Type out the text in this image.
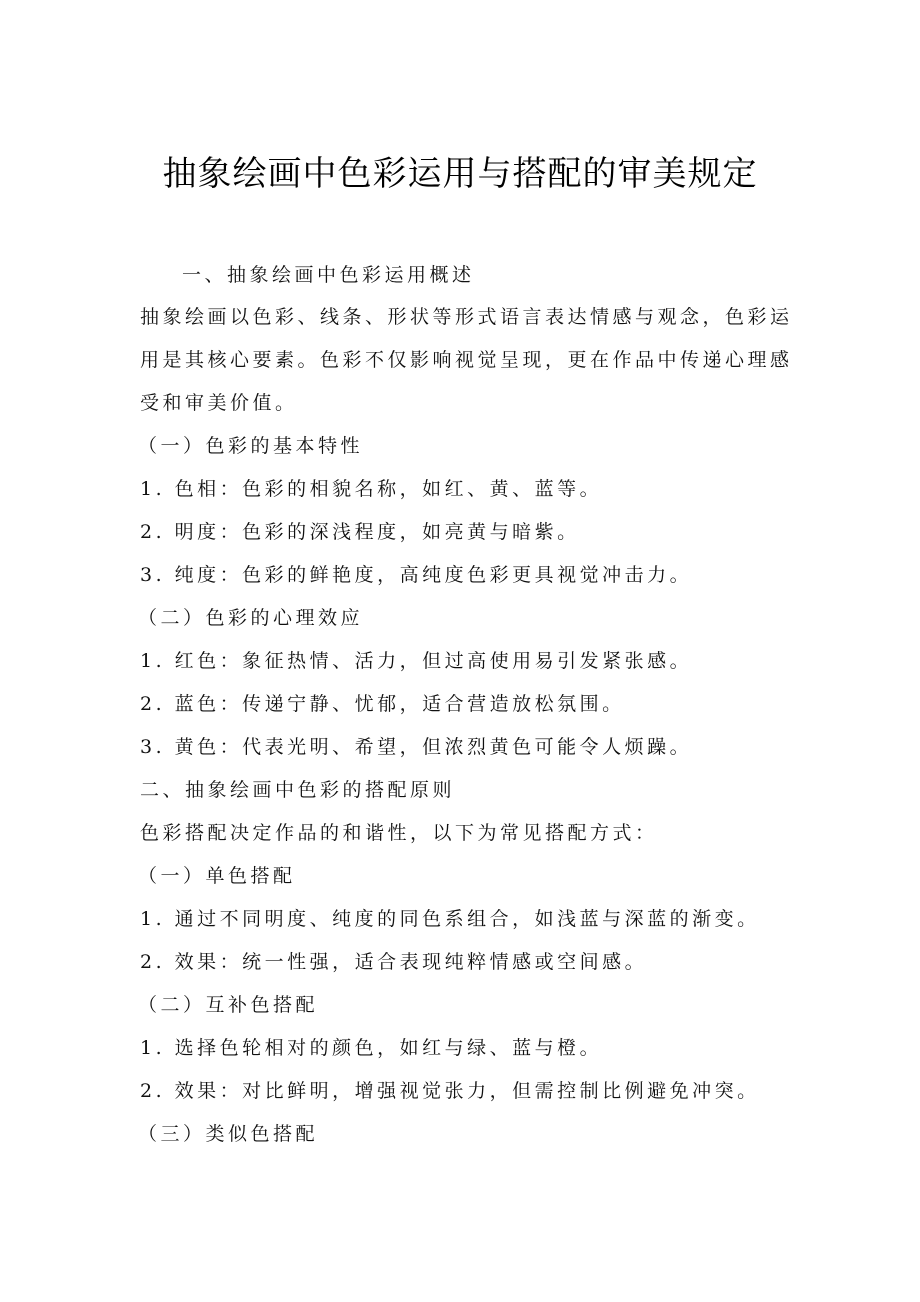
抽象绘画中色彩运用与搭配的审美规定
一、抽象绘画中色彩运用概述
抽象绘画以色彩、线条、形状等形式语言表达情感与观念，色彩运
用是其核心要素。色彩不仅影响视觉呈现，更在作品中传递心理感
受和审美价值。
（一）色彩的基本特性
1. 色相：色彩的相貌名称，如红、黄、蓝等。
2. 明度：色彩的深浅程度，如亮黄与暗紫。
3. 纯度：色彩的鲜艳度，高纯度色彩更具视觉冲击力。
（二）色彩的心理效应
1. 红色：象征热情、活力，但过高使用易引发紧张感。
2. 蓝色：传递宁静、忧郁，适合营造放松氛围。
3. 黄色：代表光明、希望，但浓烈黄色可能令人烦躁。
二、抽象绘画中色彩的搭配原则
色彩搭配决定作品的和谐性，以下为常见搭配方式：
（一）单色搭配
1. 通过不同明度、纯度的同色系组合，如浅蓝与深蓝的渐变。
2. 效果：统一性强，适合表现纯粹情感或空间感。
（二）互补色搭配
1. 选择色轮相对的颜色，如红与绿、蓝与橙。
2. 效果：对比鲜明，增强视觉张力，但需控制比例避免冲突。
（三）类似色搭配
